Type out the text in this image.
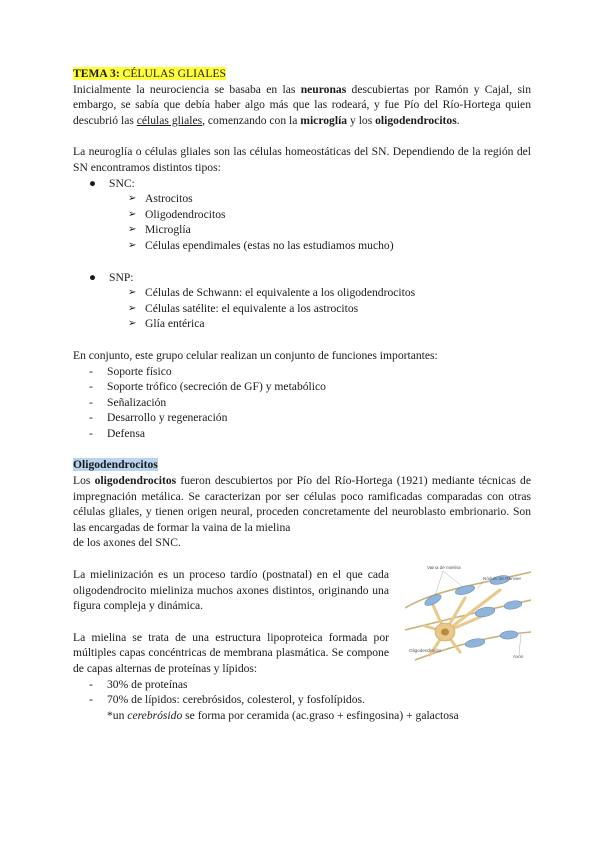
TEMA 3: CÉLULAS GLIALES

Inicialmente la neurociencia se basaba en las neuronas descubiertas por Ramón y Cajal, sin embargo, se sabía que debía haber algo más que las rodeará, y fue Pío del Río-Hortega quien descubrió las células gliales, comenzando con la microglía y los oligodendrocitos.

La neuroglía o células gliales son las células homeostáticas del SN. Dependiendo de la región del SN encontramos distintos tipos:

● SNC:
➢ Astrocitos
➢ Oligodendrocitos
➢ Microglía
➢ Células ependimales (estas no las estudiamos mucho)
● SNP:
➢ Células de Schwann: el equivalente a los oligodendrocitos
➢ Células satélite: el equivalente a los astrocitos
➢ Glía entérica

En conjunto, este grupo celular realizan un conjunto de funciones importantes:

- Soporte físico
- Soporte trófico (secreción de GF) y metabólico
- Señalización
- Desarrollo y regeneración
- Defensa

Oligodendrocitos

Los oligodendrocitos fueron descubiertos por Pío del Río-Hortega (1921) mediante técnicas de impregnación metálica. Se caracterizan por ser células poco ramificadas comparadas con otras células gliales, y tienen origen neural, proceden concretamente del neuroblasto embrionario. Son las encargadas de formar la vaina de la mielina

de los axones del SNC.

La mielinización es un proceso tardío (postnatal) en el que cada oligodendrocito mieliniza muchos axones distintos, originando una figura compleja y dinámica.

La mielina se trata de una estructura lipoproteica formada por múltiples capas concéntricas de membrana plasmática. Se compone de capas alternas de proteínas y lípidos:

- 30% de proteínas
- 70% de lípidos: cerebrósidos, colesterol, y fosfolípidos.

*un cerebrósido se forma por ceramida (ac.graso + esfingosina) + galactosa

Vaina de mielina
Nódulo de Ranvier
Oligodendrocito
Axón
